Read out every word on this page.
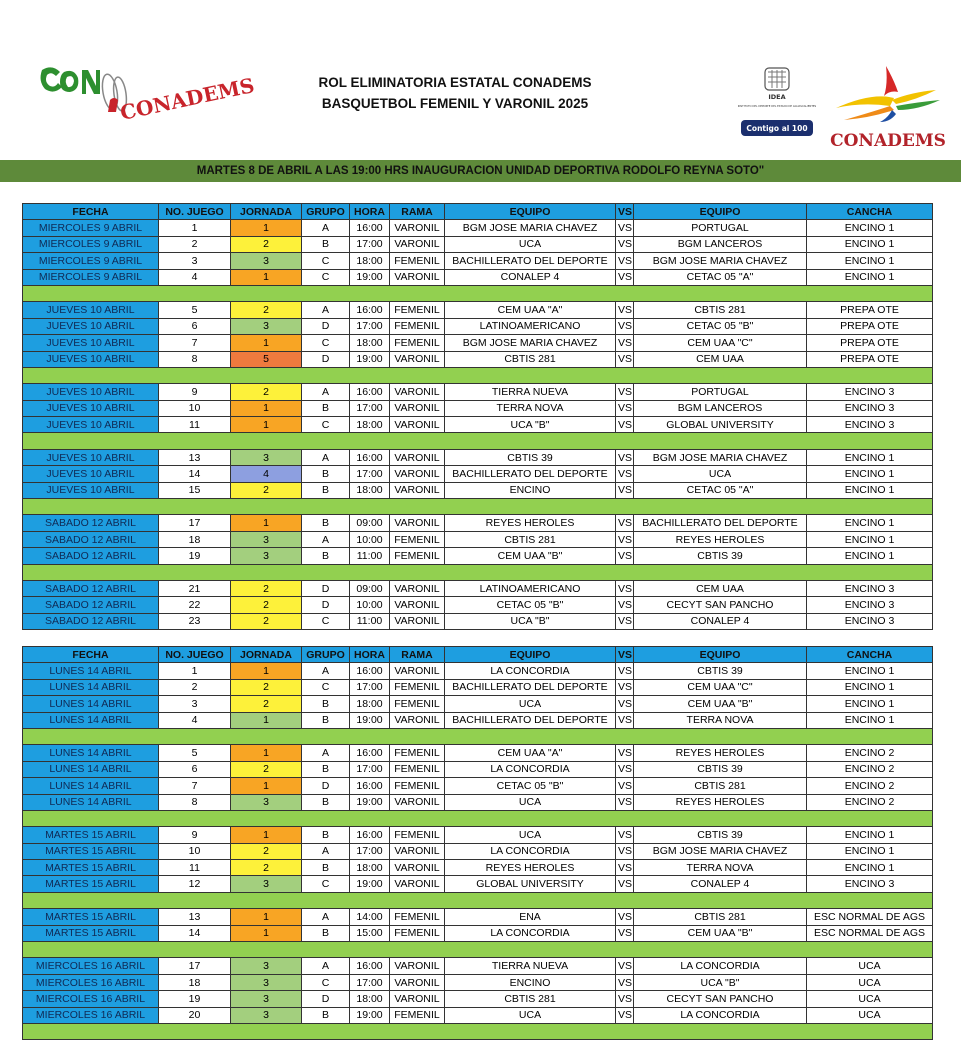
CONADEMS	ROL ELIMINATORIA ESTATAL CONADEMS
BASQUETBOL FEMENIL Y VARONIL 2025	IDEA
INSTITUTO DEL DEPORTE DEL ESTADO DE AGUASCALIENTES
Contigo al 100
CONADEMS
MARTES 8 DE ABRIL A LAS 19:00 HRS INAUGURACION UNIDAD DEPORTIVA RODOLFO REYNA SOTO"
FECHA	NO. JUEGO	JORNADA	GRUPO	HORA	RAMA	EQUIPO	VS	EQUIPO	CANCHA
MIERCOLES 9 ABRIL	1	1	A	16:00	VARONIL	BGM JOSE MARIA CHAVEZ	VS	PORTUGAL	ENCINO 1
MIERCOLES 9 ABRIL	2	2	B	17:00	VARONIL	UCA	VS	BGM LANCEROS	ENCINO 1
MIERCOLES 9 ABRIL	3	3	C	18:00	FEMENIL	BACHILLERATO DEL DEPORTE	VS	BGM JOSE MARIA CHAVEZ	ENCINO 1
MIERCOLES 9 ABRIL	4	1	C	19:00	VARONIL	CONALEP 4	VS	CETAC 05 "A"	ENCINO 1

JUEVES 10 ABRIL	5	2	A	16:00	FEMENIL	CEM UAA "A"	VS	CBTIS 281	PREPA OTE
JUEVES 10 ABRIL	6	3	D	17:00	FEMENIL	LATINOAMERICANO	VS	CETAC 05 "B"	PREPA OTE
JUEVES 10 ABRIL	7	1	C	18:00	FEMENIL	BGM JOSE MARIA CHAVEZ	VS	CEM UAA "C"	PREPA OTE
JUEVES 10 ABRIL	8	5	D	19:00	VARONIL	CBTIS 281	VS	CEM UAA	PREPA OTE

JUEVES 10 ABRIL	9	2	A	16:00	VARONIL	TIERRA NUEVA	VS	PORTUGAL	ENCINO 3
JUEVES 10 ABRIL	10	1	B	17:00	VARONIL	TERRA NOVA	VS	BGM LANCEROS	ENCINO 3
JUEVES 10 ABRIL	11	1	C	18:00	VARONIL	UCA "B"	VS	GLOBAL UNIVERSITY	ENCINO 3

JUEVES 10 ABRIL	13	3	A	16:00	VARONIL	CBTIS 39	VS	BGM JOSE MARIA CHAVEZ	ENCINO 1
JUEVES 10 ABRIL	14	4	B	17:00	VARONIL	BACHILLERATO DEL DEPORTE	VS	UCA	ENCINO 1
JUEVES 10 ABRIL	15	2	B	18:00	VARONIL	ENCINO	VS	CETAC 05 "A"	ENCINO 1

SABADO 12 ABRIL	17	1	B	09:00	VARONIL	REYES HEROLES	VS	BACHILLERATO DEL DEPORTE	ENCINO 1
SABADO 12 ABRIL	18	3	A	10:00	FEMENIL	CBTIS 281	VS	REYES HEROLES	ENCINO 1
SABADO 12 ABRIL	19	3	B	11:00	FEMENIL	CEM UAA "B"	VS	CBTIS 39	ENCINO 1

SABADO 12 ABRIL	21	2	D	09:00	VARONIL	LATINOAMERICANO	VS	CEM UAA	ENCINO 3
SABADO 12 ABRIL	22	2	D	10:00	VARONIL	CETAC 05 "B"	VS	CECYT SAN PANCHO	ENCINO 3
SABADO 12 ABRIL	23	2	C	11:00	VARONIL	UCA "B"	VS	CONALEP 4	ENCINO 3
FECHA	NO. JUEGO	JORNADA	GRUPO	HORA	RAMA	EQUIPO	VS	EQUIPO	CANCHA
LUNES 14 ABRIL	1	1	A	16:00	VARONIL	LA CONCORDIA	VS	CBTIS 39	ENCINO 1
LUNES 14 ABRIL	2	2	C	17:00	FEMENIL	BACHILLERATO DEL DEPORTE	VS	CEM UAA "C"	ENCINO 1
LUNES 14 ABRIL	3	2	B	18:00	FEMENIL	UCA	VS	CEM UAA "B"	ENCINO 1
LUNES 14 ABRIL	4	1	B	19:00	VARONIL	BACHILLERATO DEL DEPORTE	VS	TERRA NOVA	ENCINO 1

LUNES 14 ABRIL	5	1	A	16:00	FEMENIL	CEM UAA "A"	VS	REYES HEROLES	ENCINO 2
LUNES 14 ABRIL	6	2	B	17:00	FEMENIL	LA CONCORDIA	VS	CBTIS 39	ENCINO 2
LUNES 14 ABRIL	7	1	D	16:00	FEMENIL	CETAC 05 "B"	VS	CBTIS 281	ENCINO 2
LUNES 14 ABRIL	8	3	B	19:00	VARONIL	UCA	VS	REYES HEROLES	ENCINO 2

MARTES 15 ABRIL	9	1	B	16:00	FEMENIL	UCA	VS	CBTIS 39	ENCINO 1
MARTES 15 ABRIL	10	2	A	17:00	VARONIL	LA CONCORDIA	VS	BGM JOSE MARIA CHAVEZ	ENCINO 1
MARTES 15 ABRIL	11	2	B	18:00	VARONIL	REYES HEROLES	VS	TERRA NOVA	ENCINO 1
MARTES 15 ABRIL	12	3	C	19:00	VARONIL	GLOBAL UNIVERSITY	VS	CONALEP 4	ENCINO 3

MARTES 15 ABRIL	13	1	A	14:00	FEMENIL	ENA	VS	CBTIS 281	ESC NORMAL DE AGS
MARTES 15 ABRIL	14	1	B	15:00	FEMENIL	LA CONCORDIA	VS	CEM UAA "B"	ESC NORMAL DE AGS

MIERCOLES 16 ABRIL	17	3	A	16:00	VARONIL	TIERRA NUEVA	VS	LA CONCORDIA	UCA
MIERCOLES 16 ABRIL	18	3	C	17:00	VARONIL	ENCINO	VS	UCA "B"	UCA
MIERCOLES 16 ABRIL	19	3	D	18:00	VARONIL	CBTIS 281	VS	CECYT SAN PANCHO	UCA
MIERCOLES 16 ABRIL	20	3	B	19:00	FEMENIL	UCA	VS	LA CONCORDIA	UCA
